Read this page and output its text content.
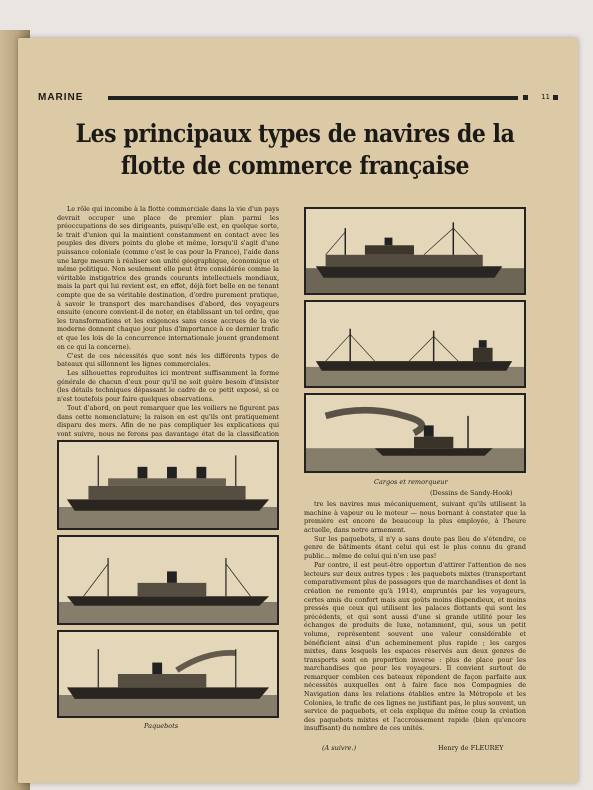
MARINE	11
Les principaux types de navires de la flotte de commerce française

Le rôle qui incombe à la flotte commerciale dans la vie d'un pays devrait occuper une place de premier plan parmi les préoccupations de ses dirigeants, puisqu'elle est, en quelque sorte, le trait d'union qui la maintient constamment en contact avec les peuples des divers points du globe et même, lorsqu'il s'agit d'une puissance coloniale (comme c'est le cas pour la France), l'aide dans une large mesure à réaliser son unité géographique, économique et même politique. Non seulement elle peut être considérée comme la véritable instigatrice des grands courants intellectuels mondiaux, mais la part qui lui revient est, en effet, déjà fort belle en ne tenant compte que de sa véritable destination, d'ordre purement pratique, à savoir le transport des marchandises d'abord, des voyageurs ensuite (encore convient-il de noter, en établissant un tel ordre, que les transformations et les exigences sans cesse accrues de la vie moderne donnent chaque jour plus d'importance à ce dernier trafic et que les lois de la concurrence internationale jouent grandement en ce qui la concerne).

C'est de ces nécessités que sont nés les différents types de bateaux qui sillonnent les lignes commerciales.

Les silhouettes reproduites ici montrent suffisamment la forme générale de chacun d'eux pour qu'il ne soit guère besoin d'insister (les détails techniques dépassant le cadre de ce petit exposé, si ce n'est toutefois pour faire quelques observations.

Tout d'abord, on peut remarquer que les voiliers ne figurent pas dans cette nomenclature; la raison en est qu'ils ont pratiquement disparu des mers. Afin de ne pas compliquer les explications qui vont suivre, nous ne ferons pas davantage état de la classification

Cargos et remorqueur
(Dessins de Sandy-Hook)

tre les navires mus mécaniquement, suivant qu'ils utilisent la machine à vapeur ou le moteur — nous bornant à constater que la première est encore de beaucoup la plus employée, à l'heure actuelle, dans notre armement.

Sur les paquebots, il n'y a sans doute pas lieu de s'étendre, ce genre de bâtiments étant celui qui est le plus connu du grand public... même de celui qui n'en use pas!

Par contre, il est peut-être opportun d'attirer l'attention de nos lecteurs sur deux autres types : les paquebots mixtes (transportant comparativement plus de passagers que de marchandises et dont la création ne remonte qu'à 1914), empruntés par les voyageurs, certes amis du confort mais aux goûts moins dispendieux, et moins pressés que ceux qui utilisent les palaces flottants qui sont les précédents, et qui sont aussi d'une si grande utilité pour les échanges de produits de luxe, notamment, qui, sous un petit volume, représentent souvent une valeur considérable et bénéficient ainsi d'un acheminement plus rapide ; les cargos mixtes, dans lesquels les espaces réservés aux deux genres de transports sont en proportion inverse : plus de place pour les marchandises que pour les voyageurs. Il convient surtout de remarquer combien ces bateaux répondent de façon parfaite aux nécessités auxquelles ont à faire face nos Compagnies de Navigation dans les relations établies entre la Métropole et les Colonies, le trafic de ces lignes ne justifiant pas, le plus souvent, un service de paquebots, et cela explique du même coup la création des paquebots mixtes et l'accroissement rapide (bien qu'encore insuffisant) du nombre de ces unités.

Paquebots
(A suivre.)	Henry de FLEUREY
